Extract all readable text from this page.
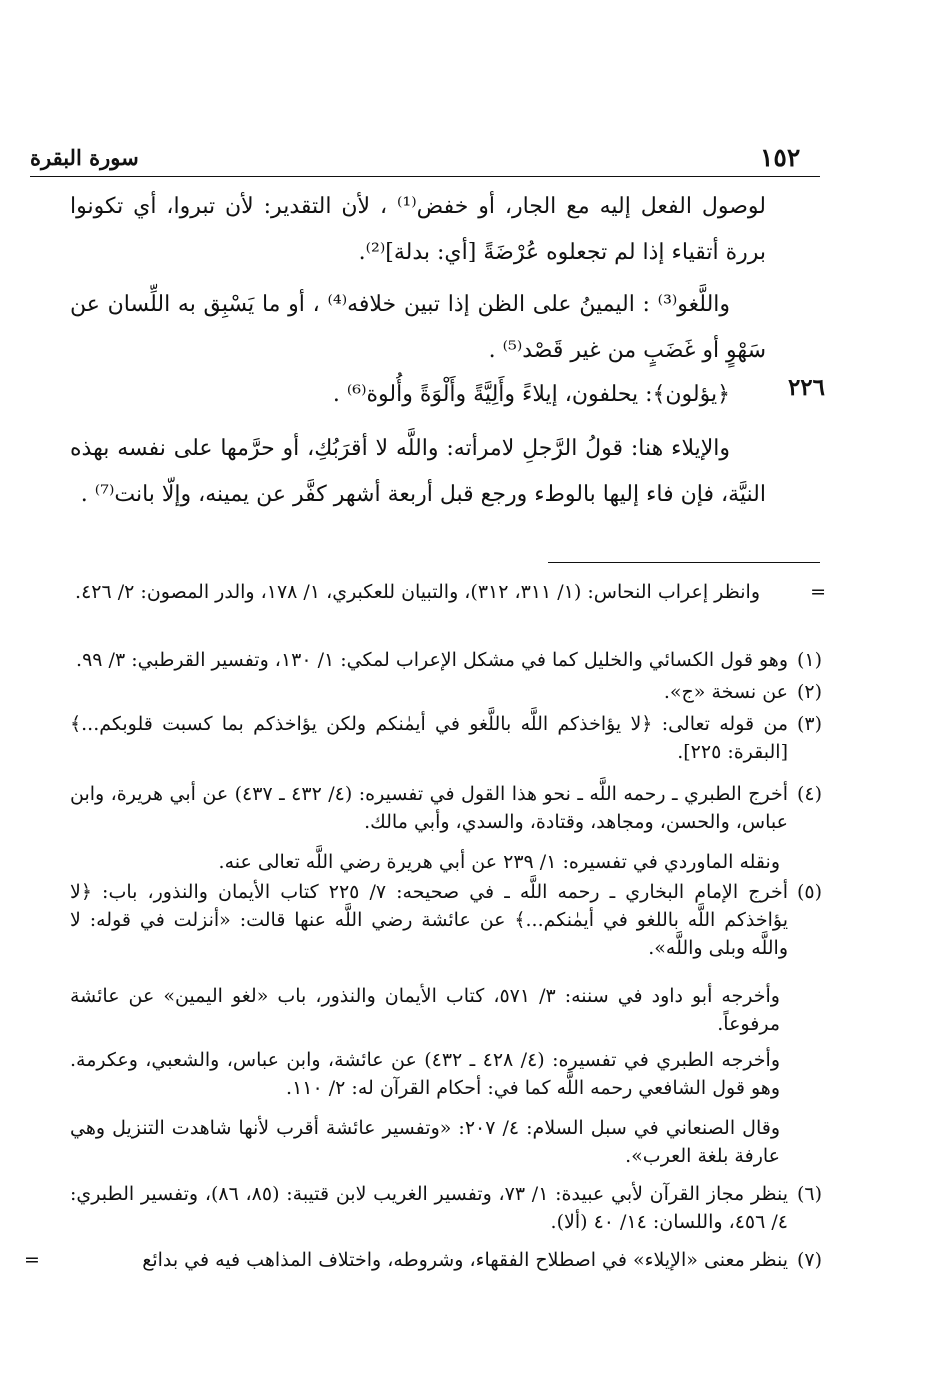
١٥٢
سورة البقرة
لوصول الفعل إليه مع الجار، أو خفض⁽¹⁾ ، لأن التقدير: لأن تبروا، أي تكونوا بررة أتقياء إذا لم تجعلوه عُرْضَةً [أي: بدلة]⁽²⁾.
واللَّغو⁽³⁾ : اليمينُ على الظن إذا تبين خلافه⁽⁴⁾ ، أو ما يَسْبِق به اللِّسان عن سَهْوٍ أو غَضَبٍ من غير قَصْد⁽⁵⁾ .
٢٢٦
﴿يؤلون﴾: يحلفون، إيلاءً وأَلِيَّةً وأَلْوَةً وأُلوة⁽⁶⁾ .
والإيلاء هنا: قولُ الرَّجلِ لامرأته: واللَّه لا أقرَبُكِ، أو حرَّمها على نفسه بهذه النيَّة، فإن فاء إليها بالوطء ورجع قبل أربعة أشهر كفَّر عن يمينه، وإلّا بانت⁽⁷⁾ .
=
وانظر إعراب النحاس: (١/ ٣١١، ٣١٢)، والتبيان للعكبري، ١/ ١٧٨، والدر المصون: ٢/ ٤٢٦.
(١)
وهو قول الكسائي والخليل كما في مشكل الإعراب لمكي: ١/ ١٣٠، وتفسير القرطبي: ٣/ ٩٩.
(٢)
عن نسخة «ج».
(٣)
من قوله تعالى: ﴿لا يؤاخذكم اللَّه باللَّغو في أيمٰنكم ولكن يؤاخذكم بما كسبت قلوبكم...﴾ [البقرة: ٢٢٥].
(٤)
أخرج الطبري ـ رحمه اللَّه ـ نحو هذا القول في تفسيره: (٤/ ٤٣٢ ـ ٤٣٧) عن أبي هريرة، وابن عباس، والحسن، ومجاهد، وقتادة، والسدي، وأبي مالك.
ونقله الماوردي في تفسيره: ١/ ٢٣٩ عن أبي هريرة رضي اللَّه تعالى عنه.
(٥)
أخرج الإمام البخاري ـ رحمه اللَّه ـ في صحيحه: ٧/ ٢٢٥ كتاب الأيمان والنذور، باب: ﴿لا يؤاخذكم اللَّه باللغو في أيمٰنكم...﴾ عن عائشة رضي اللَّه عنها قالت: «أنزلت في قوله: لا واللَّه وبلى واللَّه».
وأخرجه أبو داود في سننه: ٣/ ٥٧١، كتاب الأيمان والنذور، باب «لغو اليمين» عن عائشة مرفوعاً.
وأخرجه الطبري في تفسيره: (٤/ ٤٢٨ ـ ٤٣٢) عن عائشة، وابن عباس، والشعبي، وعكرمة. وهو قول الشافعي رحمه اللَّه كما في: أحكام القرآن له: ٢/ ١١٠.
وقال الصنعاني في سبل السلام: ٤/ ٢٠٧: «وتفسير عائشة أقرب لأنها شاهدت التنزيل وهي عارفة بلغة العرب».
(٦)
ينظر مجاز القرآن لأبي عبيدة: ١/ ٧٣، وتفسير الغريب لابن قتيبة: (٨٥، ٨٦)، وتفسير الطبري: ٤/ ٤٥٦، واللسان: ١٤/ ٤٠ (ألا).
(٧)
ينظر معنى «الإيلاء» في اصطلاح الفقهاء، وشروطه، واختلاف المذاهب فيه في بدائع
=
